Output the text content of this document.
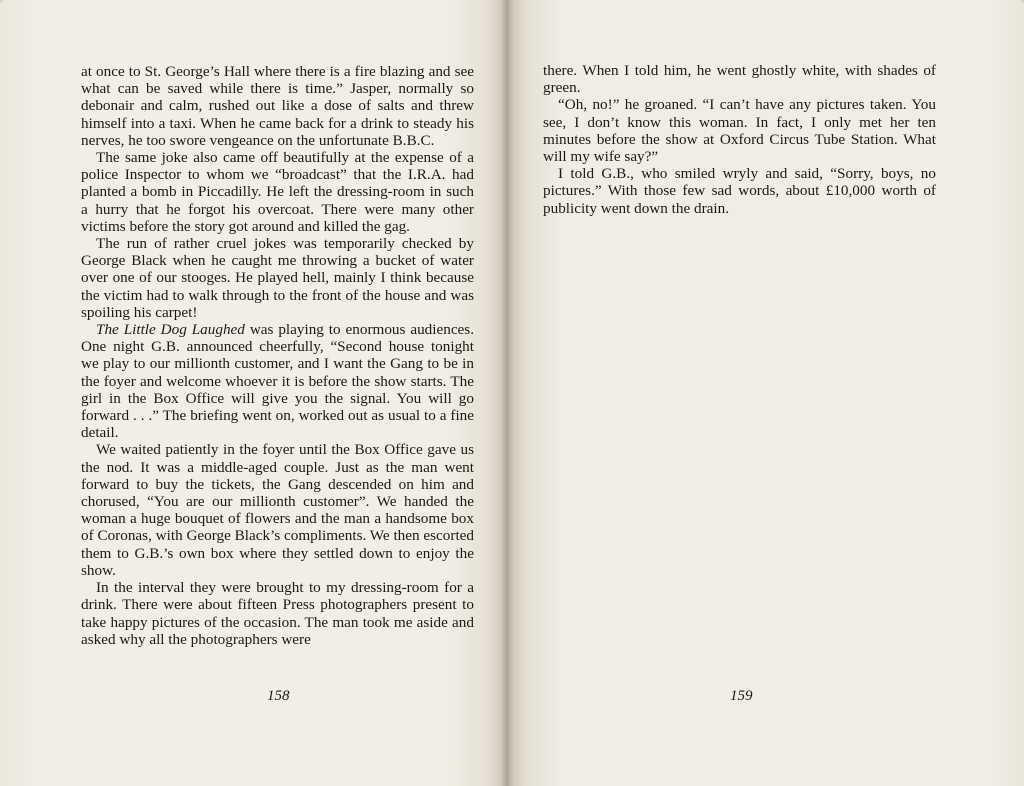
at once to St. George’s Hall where there is a fire blazing and see what can be saved while there is time.” Jasper, normally so debonair and calm, rushed out like a dose of salts and threw himself into a taxi. When he came back for a drink to steady his nerves, he too swore vengeance on the unfortunate B.B.C.

The same joke also came off beautifully at the expense of a police Inspector to whom we “broadcast” that the I.R.A. had planted a bomb in Piccadilly. He left the dressing-room in such a hurry that he forgot his overcoat. There were many other victims before the story got around and killed the gag.

The run of rather cruel jokes was temporarily checked by George Black when he caught me throwing a bucket of water over one of our stooges. He played hell, mainly I think because the victim had to walk through to the front of the house and was spoiling his carpet!

The Little Dog Laughed was playing to enormous audiences. One night G.B. announced cheerfully, “Second house tonight we play to our millionth customer, and I want the Gang to be in the foyer and welcome whoever it is before the show starts. The girl in the Box Office will give you the signal. You will go forward . . .” The briefing went on, worked out as usual to a fine detail.

We waited patiently in the foyer until the Box Office gave us the nod. It was a middle-aged couple. Just as the man went forward to buy the tickets, the Gang descended on him and chorused, “You are our millionth customer”. We handed the woman a huge bouquet of flowers and the man a handsome box of Coronas, with George Black’s compliments. We then escorted them to G.B.’s own box where they settled down to enjoy the show.

In the interval they were brought to my dressing-room for a drink. There were about fifteen Press photographers present to take happy pictures of the occasion. The man took me aside and asked why all the photographers were

158

there. When I told him, he went ghostly white, with shades of green.

“Oh, no!” he groaned. “I can’t have any pictures taken. You see, I don’t know this woman. In fact, I only met her ten minutes before the show at Oxford Circus Tube Station. What will my wife say?”

I told G.B., who smiled wryly and said, “Sorry, boys, no pictures.” With those few sad words, about £10,000 worth of publicity went down the drain.

159
